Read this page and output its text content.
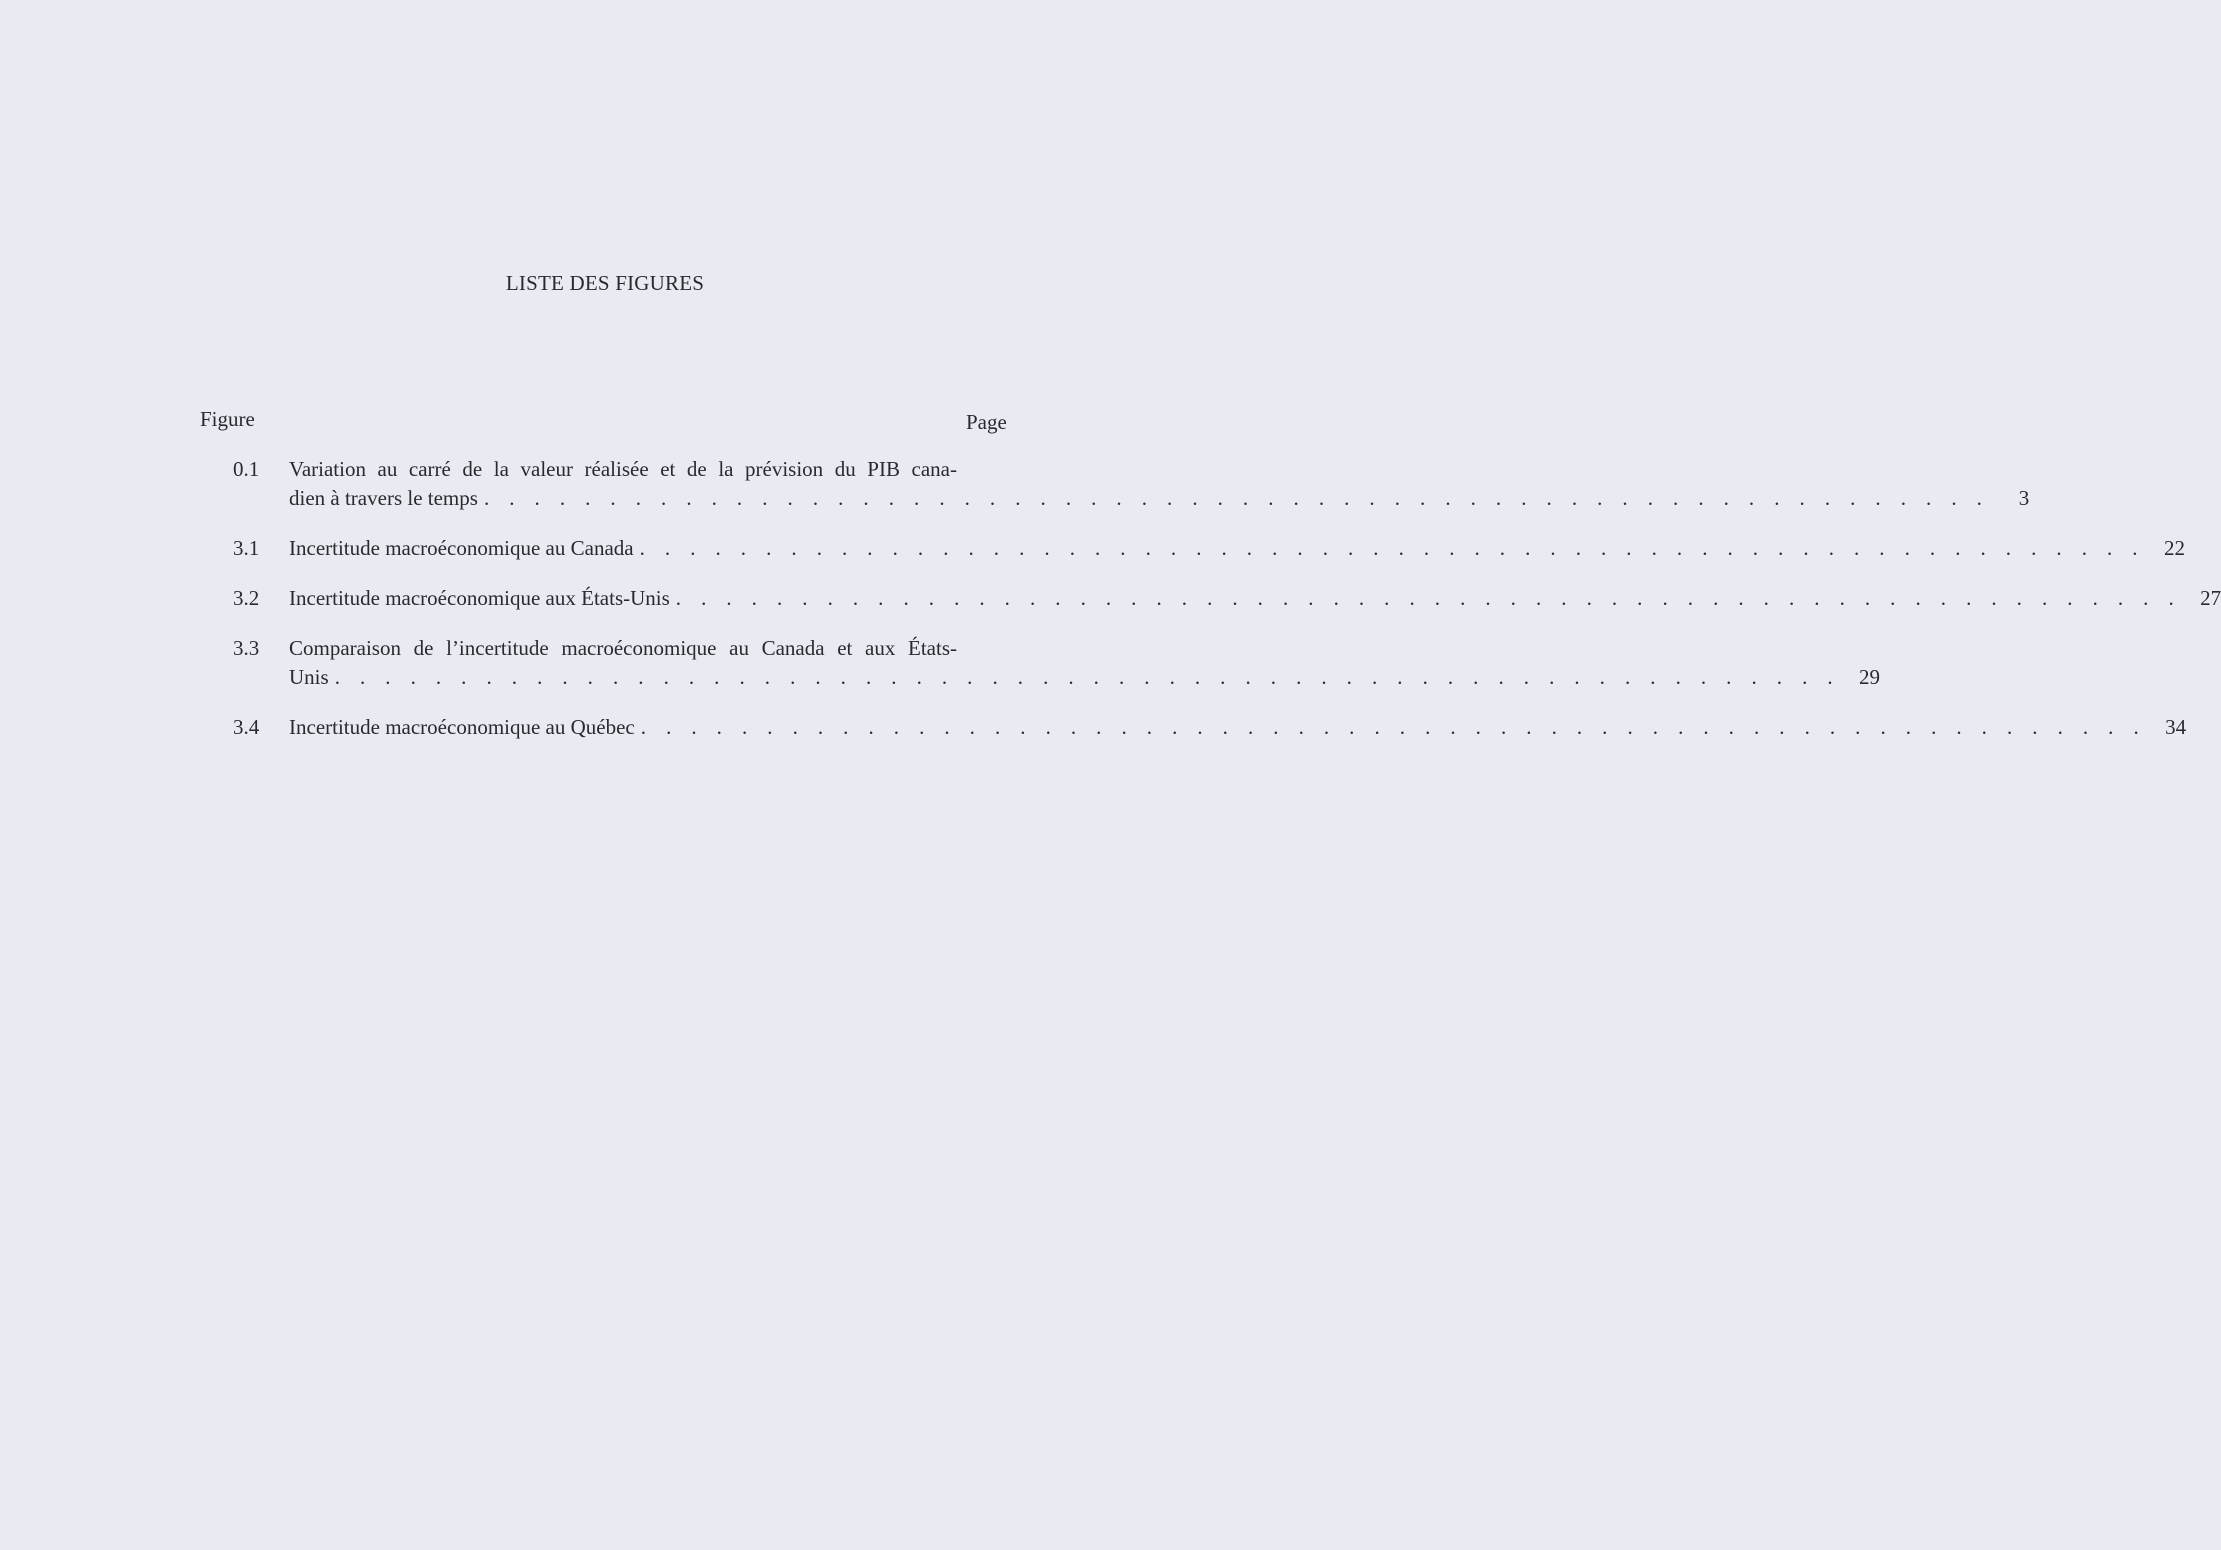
LISTE DES FIGURES
Figure	Page
0.1 Variation au carré de la valeur réalisée et de la prévision du PIB cana-
dien à travers le temps . . . . . . . . . . . . . . . . . . . . . . . . . . . . . . . . . . . . . . . . . . . . . . . . . . . . . . . . . . . .	3
3.1 Incertitude macroéconomique au Canada . . . . . . . . . . . . . . . . . . . . . . . . . . . . . . . . . . . . . . . . . . . . . . . . . . . . . . . . . . . . 22
3.2 Incertitude macroéconomique aux États-Unis . . . . . . . . . . . . . . . . . . . . . . . . . . . . . . . . . . . . . . . . . . . . . . . . . . . . . . . . . . . . 27
3.3 Comparaison de l’incertitude macroéconomique au Canada et aux États-
Unis . . . . . . . . . . . . . . . . . . . . . . . . . . . . . . . . . . . . . . . . . . . . . . . . . . . . . . . . . . . . 29
3.4 Incertitude macroéconomique au Québec . . . . . . . . . . . . . . . . . . . . . . . . . . . . . . . . . . . . . . . . . . . . . . . . . . . . . . . . . . . . 34
